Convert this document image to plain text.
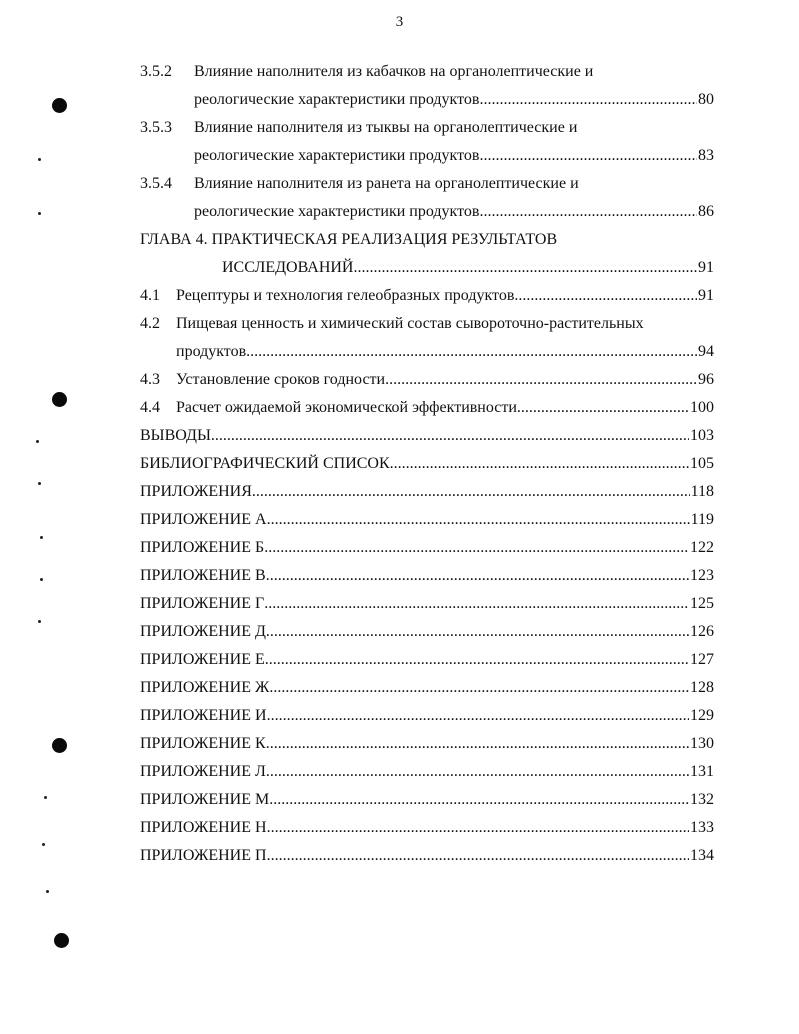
3
3.5.2 Влияние наполнителя из кабачков на органолептические и
реологические характеристики продуктов .....	80
3.5.3 Влияние наполнителя из тыквы на органолептические и
реологические характеристики продуктов .....	83
3.5.4 Влияние наполнителя из ранета на органолептические и
реологические характеристики продуктов .....	86
ГЛАВА 4. ПРАКТИЧЕСКАЯ РЕАЛИЗАЦИЯ РЕЗУЛЬТАТОВ
ИССЛЕДОВАНИЙ .....	91
4.1 Рецептуры и технология гелеобразных продуктов .....	91
4.2 Пищевая ценность и химический состав сывороточно-растительных
продуктов .....	94
4.3 Установление сроков годности .....	96
4.4 Расчет ожидаемой экономической эффективности .....	100
ВЫВОДЫ .....	103
БИБЛИОГРАФИЧЕСКИЙ СПИСОК .....	105
ПРИЛОЖЕНИЯ .....	118
ПРИЛОЖЕНИЕ А .....	119
ПРИЛОЖЕНИЕ Б .....	122
ПРИЛОЖЕНИЕ В .....	123
ПРИЛОЖЕНИЕ Г .....	125
ПРИЛОЖЕНИЕ Д .....	126
ПРИЛОЖЕНИЕ Е .....	127
ПРИЛОЖЕНИЕ Ж .....	128
ПРИЛОЖЕНИЕ И .....	129
ПРИЛОЖЕНИЕ К .....	130
ПРИЛОЖЕНИЕ Л .....	131
ПРИЛОЖЕНИЕ М .....	132
ПРИЛОЖЕНИЕ Н .....	133
ПРИЛОЖЕНИЕ П .....	134
